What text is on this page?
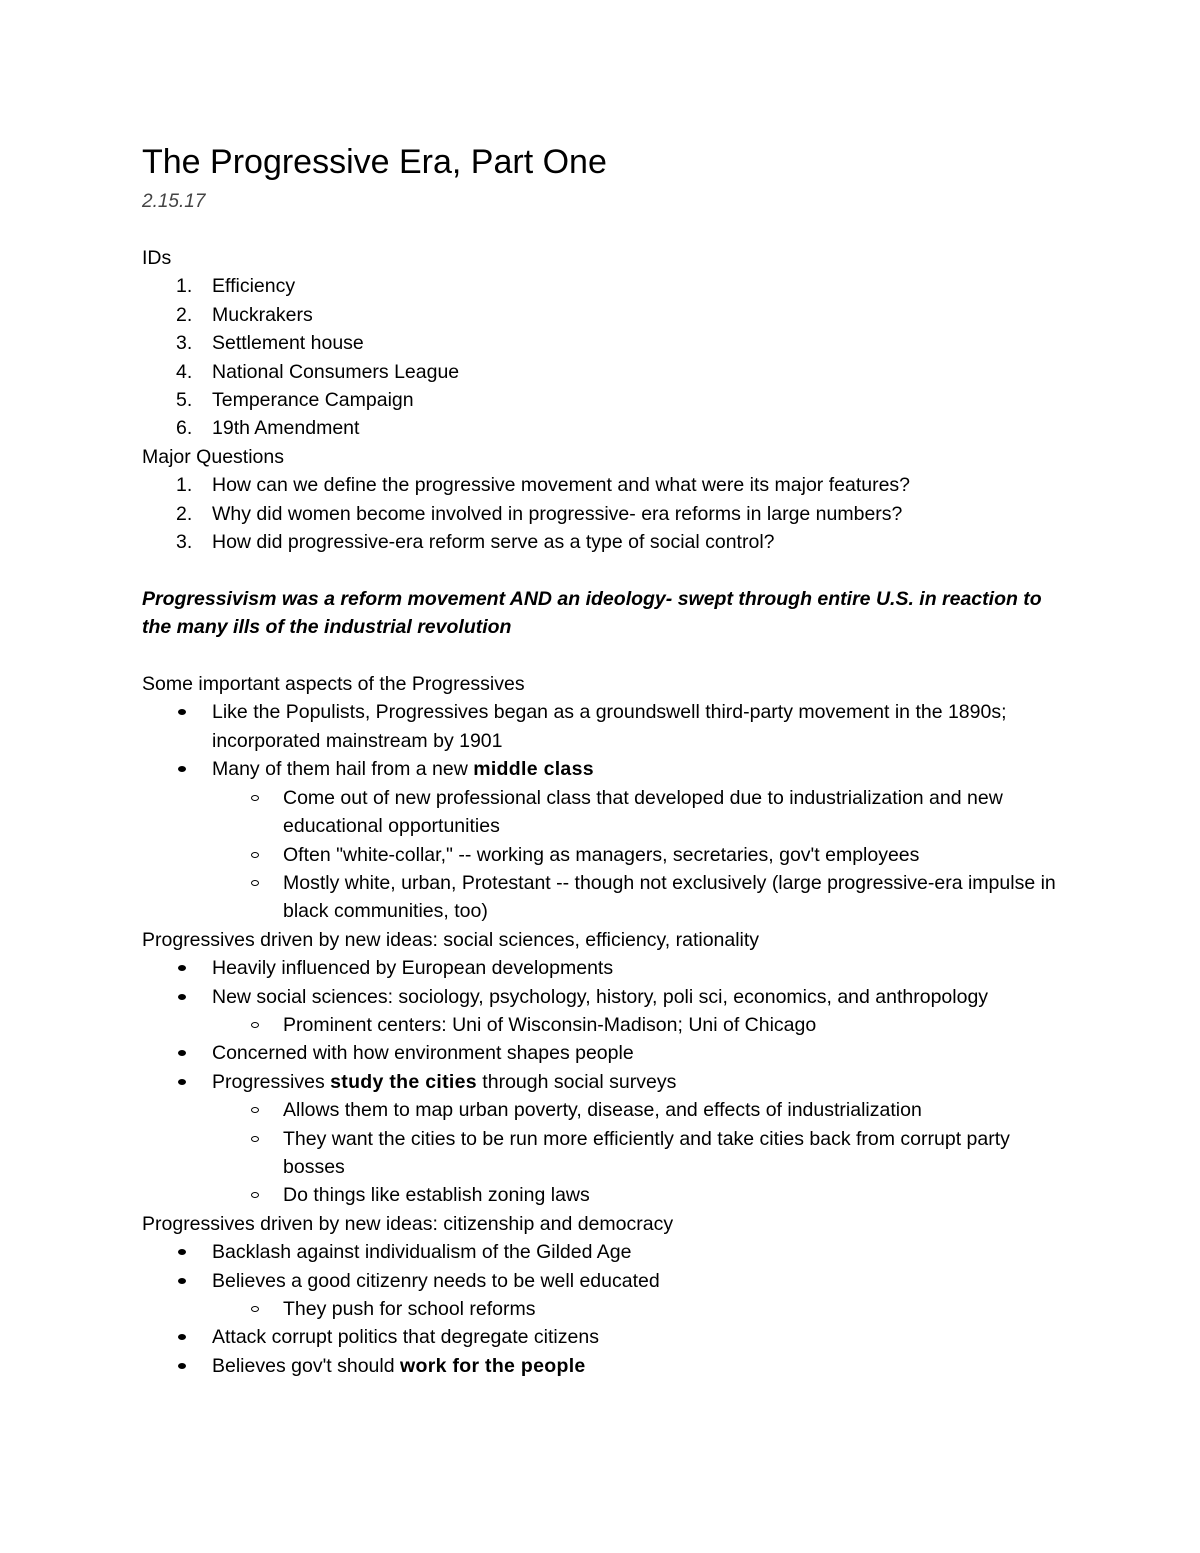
The Progressive Era, Part One
2.15.17

IDs

1.	Efficiency
2.	Muckrakers
3.	Settlement house
4.	National Consumers League
5.	Temperance Campaign
6.	19th Amendment

Major Questions

1.	How can we define the progressive movement and what were its major features?
2.	Why did women become involved in progressive- era reforms in large numbers?
3.	How did progressive-era reform serve as a type of social control?

Progressivism was a reform movement AND an ideology- swept through entire U.S. in reaction to the many ills of the industrial revolution

Some important aspects of the Progressives

Like the Populists, Progressives began as a groundswell third-party movement in the 1890s; incorporated mainstream by 1901
Many of them hail from a new middle class
Come out of new professional class that developed due to industrialization and new educational opportunities
Often "white-collar," -- working as managers, secretaries, gov't employees
Mostly white, urban, Protestant -- though not exclusively (large progressive-era impulse in black communities, too)

Progressives driven by new ideas: social sciences, efficiency, rationality

Heavily influenced by European developments
New social sciences: sociology, psychology, history, poli sci, economics, and anthropology
Prominent centers: Uni of Wisconsin-Madison; Uni of Chicago
Concerned with how environment shapes people
Progressives study the cities through social surveys
Allows them to map urban poverty, disease, and effects of industrialization
They want the cities to be run more efficiently and take cities back from corrupt party bosses
Do things like establish zoning laws

Progressives driven by new ideas: citizenship and democracy

Backlash against individualism of the Gilded Age
Believes a good citizenry needs to be well educated
They push for school reforms
Attack corrupt politics that degregate citizens
Believes gov't should work for the people
